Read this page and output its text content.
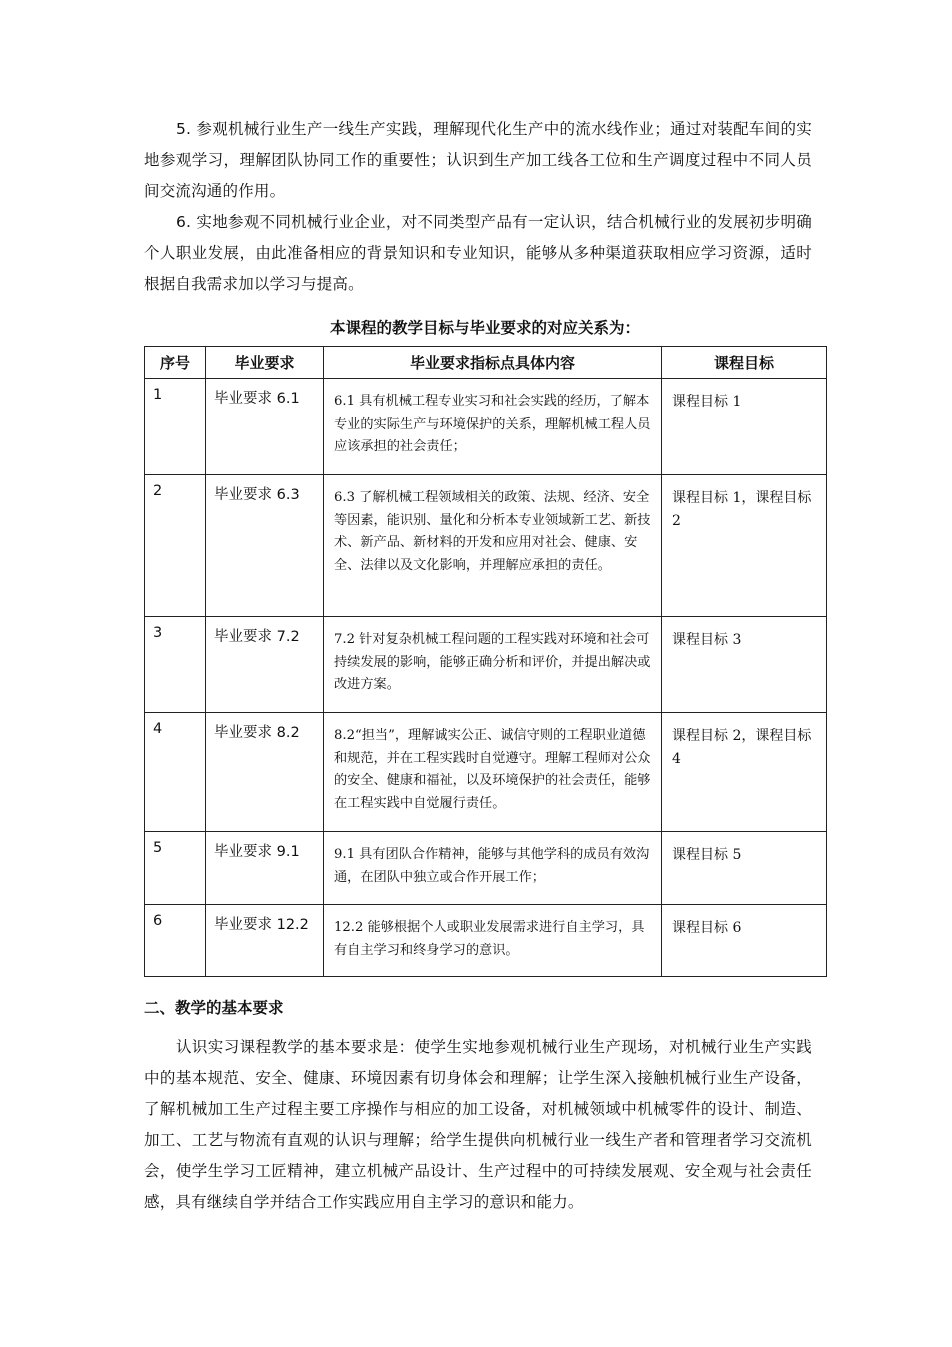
5. 参观机械行业生产一线生产实践，理解现代化生产中的流水线作业；通过对装配车间的实地参观学习，理解团队协同工作的重要性；认识到生产加工线各工位和生产调度过程中不同人员间交流沟通的作用。

6. 实地参观不同机械行业企业，对不同类型产品有一定认识，结合机械行业的发展初步明确个人职业发展，由此准备相应的背景知识和专业知识，能够从多种渠道获取相应学习资源，适时根据自我需求加以学习与提高。

本课程的教学目标与毕业要求的对应关系为：

序号	毕业要求	毕业要求指标点具体内容	课程目标
1	毕业要求 6.1	6.1 具有机械工程专业实习和社会实践的经历，了解本专业的实际生产与环境保护的关系，理解机械工程人员应该承担的社会责任；	课程目标 1
2	毕业要求 6.3	6.3 了解机械工程领域相关的政策、法规、经济、安全等因素，能识别、量化和分析本专业领域新工艺、新技术、新产品、新材料的开发和应用对社会、健康、安全、法律以及文化影响，并理解应承担的责任。	课程目标 1，课程目标 2
3	毕业要求 7.2	7.2 针对复杂机械工程问题的工程实践对环境和社会可持续发展的影响，能够正确分析和评价，并提出解决或改进方案。	课程目标 3
4	毕业要求 8.2	8.2“担当”，理解诚实公正、诚信守则的工程职业道德和规范，并在工程实践时自觉遵守。理解工程师对公众的安全、健康和福祉，以及环境保护的社会责任，能够在工程实践中自觉履行责任。	课程目标 2，课程目标 4
5	毕业要求 9.1	9.1 具有团队合作精神，能够与其他学科的成员有效沟通，在团队中独立或合作开展工作；	课程目标 5
6	毕业要求 12.2	12.2 能够根据个人或职业发展需求进行自主学习，具有自主学习和终身学习的意识。	课程目标 6
二、教学的基本要求

认识实习课程教学的基本要求是：使学生实地参观机械行业生产现场，对机械行业生产实践中的基本规范、安全、健康、环境因素有切身体会和理解；让学生深入接触机械行业生产设备，了解机械加工生产过程主要工序操作与相应的加工设备，对机械领域中机械零件的设计、制造、加工、工艺与物流有直观的认识与理解；给学生提供向机械行业一线生产者和管理者学习交流机会，使学生学习工匠精神，建立机械产品设计、生产过程中的可持续发展观、安全观与社会责任感，具有继续自学并结合工作实践应用自主学习的意识和能力。
